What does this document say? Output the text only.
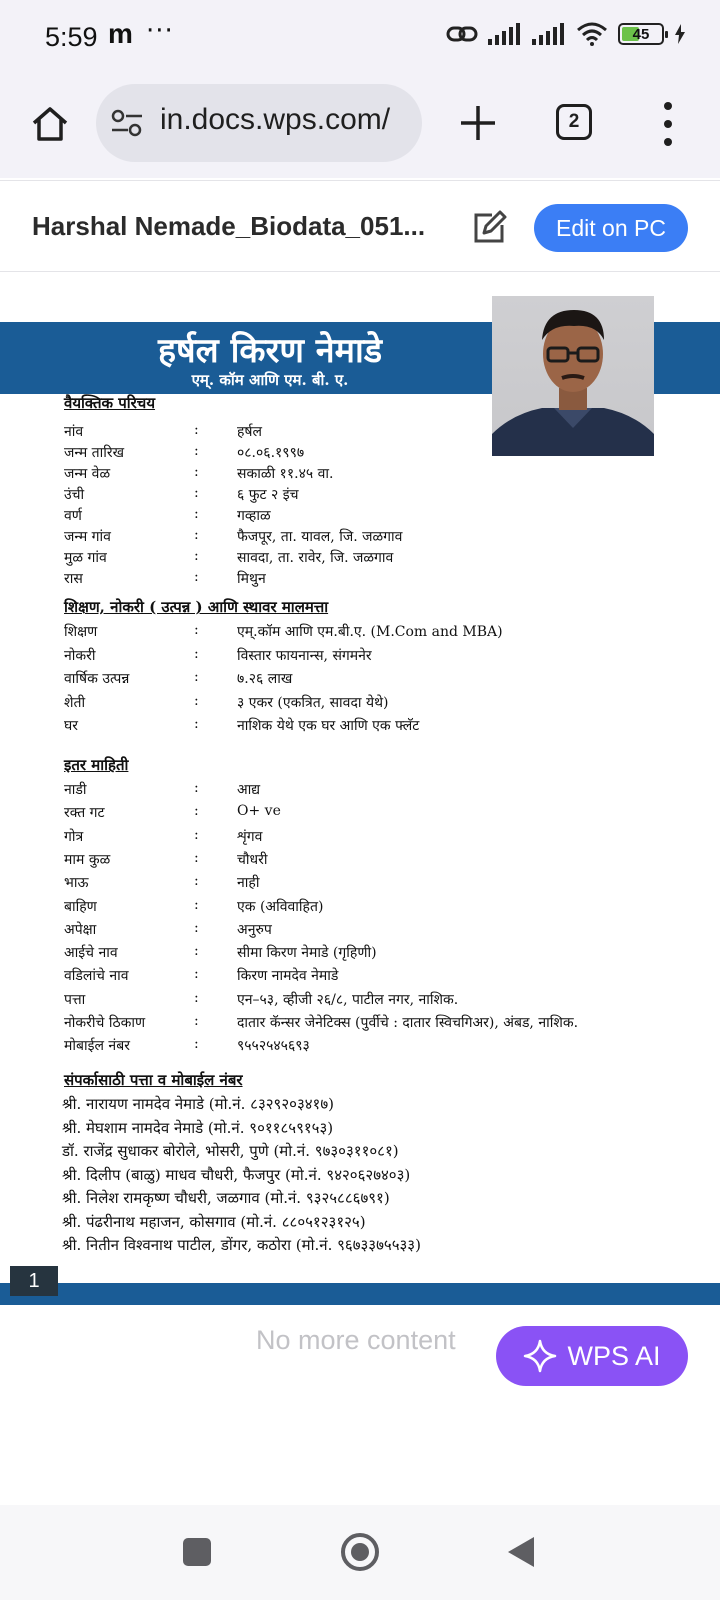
5:59 m ···	45
in.docs.wps.com/	2
Harshal Nemade_Biodata_051...	Edit on PC
हर्षल किरण नेमाडे
एम्. कॉम आणि एम. बी. ए.
1
वैयक्तिक परिचय
नांव	:	हर्षल
जन्म तारिख	:	०८.०६.१९९७
जन्म वेळ	:	सकाळी ११.४५ वा.
उंची	:	६ फुट २ इंच
वर्ण	:	गव्हाळ
जन्म गांव	:	फैजपूर, ता. यावल, जि. जळगाव
मुळ गांव	:	सावदा, ता. रावेर, जि. जळगाव
रास	:	मिथुन
शिक्षण, नोकरी ( उत्पन्न ) आणि स्थावर मालमत्ता
शिक्षण	:	एम्.कॉम आणि एम.बी.ए. (M.Com and MBA)
नोकरी	:	विस्तार फायनान्स, संगमनेर
वार्षिक उत्पन्न	:	७.२६ लाख
शेती	:	३ एकर (एकत्रित, सावदा येथे)
घर	:	नाशिक येथे एक घर आणि एक फ्लॅट
इतर माहिती
नाडी	:	आद्य
रक्त गट	:	O+ ve
गोत्र	:	शृंगव
माम कुळ	:	चौधरी
भाऊ	:	नाही
बाहिण	:	एक (अविवाहित)
अपेक्षा	:	अनुरुप
आईचे नाव	:	सीमा किरण नेमाडे (गृहिणी)
वडिलांचे नाव	:	किरण नामदेव नेमाडे
पत्ता	:	एन–५३, व्हीजी २६/८, पाटील नगर, नाशिक.
नोकरीचे ठिकाण	:	दातार कॅन्सर जेनेटिक्स (पुर्वीचे : दातार स्विचगिअर), अंबड, नाशिक.
मोबाईल नंबर	:	९५५२५४५६९३
संपर्कासाठी पत्ता व मोबाईल नंबर
श्री. नारायण नामदेव नेमाडे (मो.नं. ८३२९२०३४१७)
श्री. मेघशाम नामदेव नेमाडे (मो.नं. ९०११८५९१५३)
डॉ. राजेंद्र सुधाकर बोरोले, भोसरी, पुणे (मो.नं. ९७३०३११०८१)
श्री. दिलीप (बाळु) माधव चौधरी, फैजपुर (मो.नं. ९४२०६२७४०३)
श्री. निलेश रामकृष्ण चौधरी, जळगाव (मो.नं. ९३२५८८६७९१)
श्री. पंढरीनाथ महाजन, कोसगाव (मो.नं. ८८०५१२३१२५)
श्री. नितीन विश्वनाथ पाटील, डोंगर, कठोरा (मो.नं. ९६७३३७५५३३)
No more content
WPS AI
